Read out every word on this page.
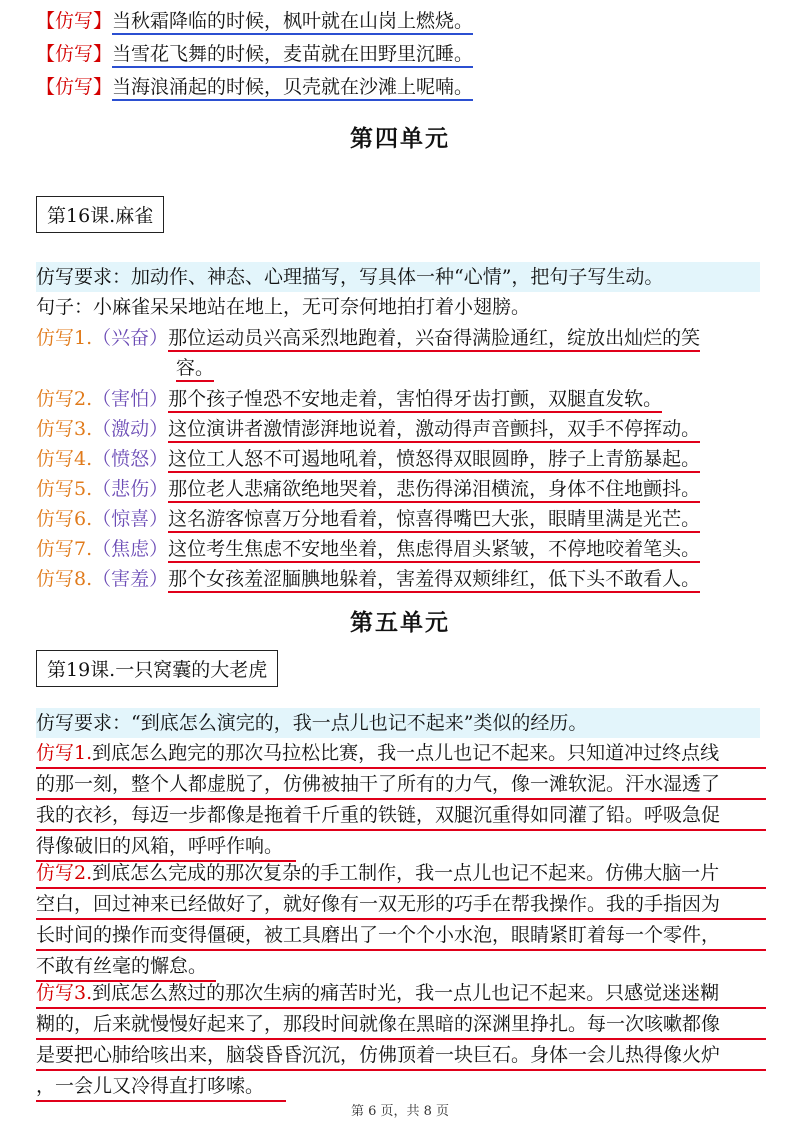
【仿写】当秋霜降临的时候，枫叶就在山岗上燃烧。
【仿写】当雪花飞舞的时候，麦苗就在田野里沉睡。
【仿写】当海浪涌起的时候，贝壳就在沙滩上呢喃。
第四单元
第16课.麻雀
仿写要求：加动作、神态、心理描写，写具体一种“心情”，把句子写生动。
句子：小麻雀呆呆地站在地上，无可奈何地拍打着小翅膀。
仿写1.（兴奋）那位运动员兴高采烈地跑着，兴奋得满脸通红，绽放出灿烂的笑
容。
仿写2.（害怕）那个孩子惶恐不安地走着，害怕得牙齿打颤，双腿直发软。
仿写3.（激动）这位演讲者激情澎湃地说着，激动得声音颤抖，双手不停挥动。
仿写4.（愤怒）这位工人怒不可遏地吼着，愤怒得双眼圆睁，脖子上青筋暴起。
仿写5.（悲伤）那位老人悲痛欲绝地哭着，悲伤得涕泪横流，身体不住地颤抖。
仿写6.（惊喜）这名游客惊喜万分地看着，惊喜得嘴巴大张，眼睛里满是光芒。
仿写7.（焦虑）这位考生焦虑不安地坐着，焦虑得眉头紧皱，不停地咬着笔头。
仿写8.（害羞）那个女孩羞涩腼腆地躲着，害羞得双颊绯红，低下头不敢看人。
第五单元
第19课.一只窝囊的大老虎
仿写要求：“到底怎么演完的，我一点儿也记不起来”类似的经历。
仿写1.到底怎么跑完的那次马拉松比赛，我一点儿也记不起来。只知道冲过终点线
的那一刻，整个人都虚脱了，仿佛被抽干了所有的力气，像一滩软泥。汗水湿透了
我的衣衫，每迈一步都像是拖着千斤重的铁链，双腿沉重得如同灌了铅。呼吸急促
得像破旧的风箱，呼呼作响。
仿写2.到底怎么完成的那次复杂的手工制作，我一点儿也记不起来。仿佛大脑一片
空白，回过神来已经做好了，就好像有一双无形的巧手在帮我操作。我的手指因为
长时间的操作而变得僵硬，被工具磨出了一个个小水泡，眼睛紧盯着每一个零件，
不敢有丝毫的懈怠。
仿写3.到底怎么熬过的那次生病的痛苦时光，我一点儿也记不起来。只感觉迷迷糊
糊的，后来就慢慢好起来了，那段时间就像在黑暗的深渊里挣扎。每一次咳嗽都像
是要把心肺给咳出来，脑袋昏昏沉沉，仿佛顶着一块巨石。身体一会儿热得像火炉
，一会儿又冷得直打哆嗦。
第 6 页，共 8 页
